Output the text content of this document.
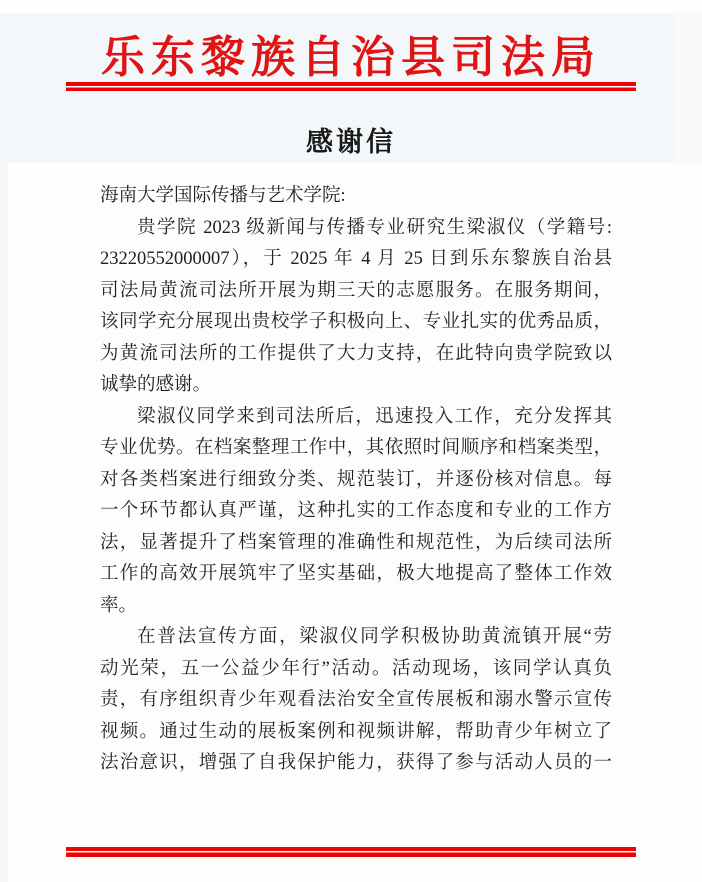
乐东黎族自治县司法局
感谢信
海南大学国际传播与艺术学院:
贵学院 2023 级新闻与传播专业研究生梁淑仪（学籍号:
23220552000007），于 2025 年 4 月 25 日到乐东黎族自治县
司法局黄流司法所开展为期三天的志愿服务。在服务期间，
该同学充分展现出贵校学子积极向上、专业扎实的优秀品质，
为黄流司法所的工作提供了大力支持，在此特向贵学院致以
诚挚的感谢。
梁淑仪同学来到司法所后，迅速投入工作，充分发挥其
专业优势。在档案整理工作中，其依照时间顺序和档案类型，
对各类档案进行细致分类、规范装订，并逐份核对信息。每
一个环节都认真严谨，这种扎实的工作态度和专业的工作方
法，显著提升了档案管理的准确性和规范性，为后续司法所
工作的高效开展筑牢了坚实基础，极大地提高了整体工作效
率。
在普法宣传方面，梁淑仪同学积极协助黄流镇开展“劳
动光荣，五一公益少年行”活动。活动现场，该同学认真负
责，有序组织青少年观看法治安全宣传展板和溺水警示宣传
视频。通过生动的展板案例和视频讲解，帮助青少年树立了
法治意识，增强了自我保护能力，获得了参与活动人员的一
